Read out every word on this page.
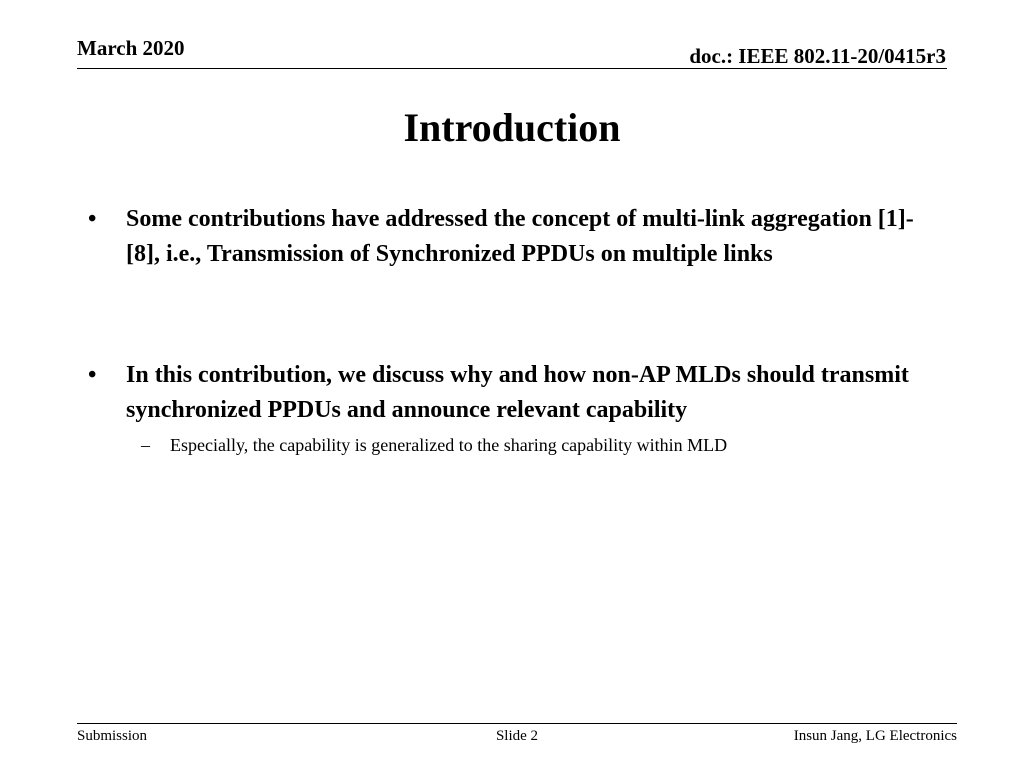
March 2020	doc.: IEEE 802.11-20/0415r3
Introduction
•	Some contributions have addressed the concept of multi-link aggregation [1]-[8], i.e., Transmission of Synchronized PPDUs on multiple links
•	In this contribution, we discuss why and how non-AP MLDs should transmit synchronized PPDUs and announce relevant capability
–	Especially, the capability is generalized to the sharing capability within MLD
Submission	Slide 2	Insun Jang, LG Electronics
